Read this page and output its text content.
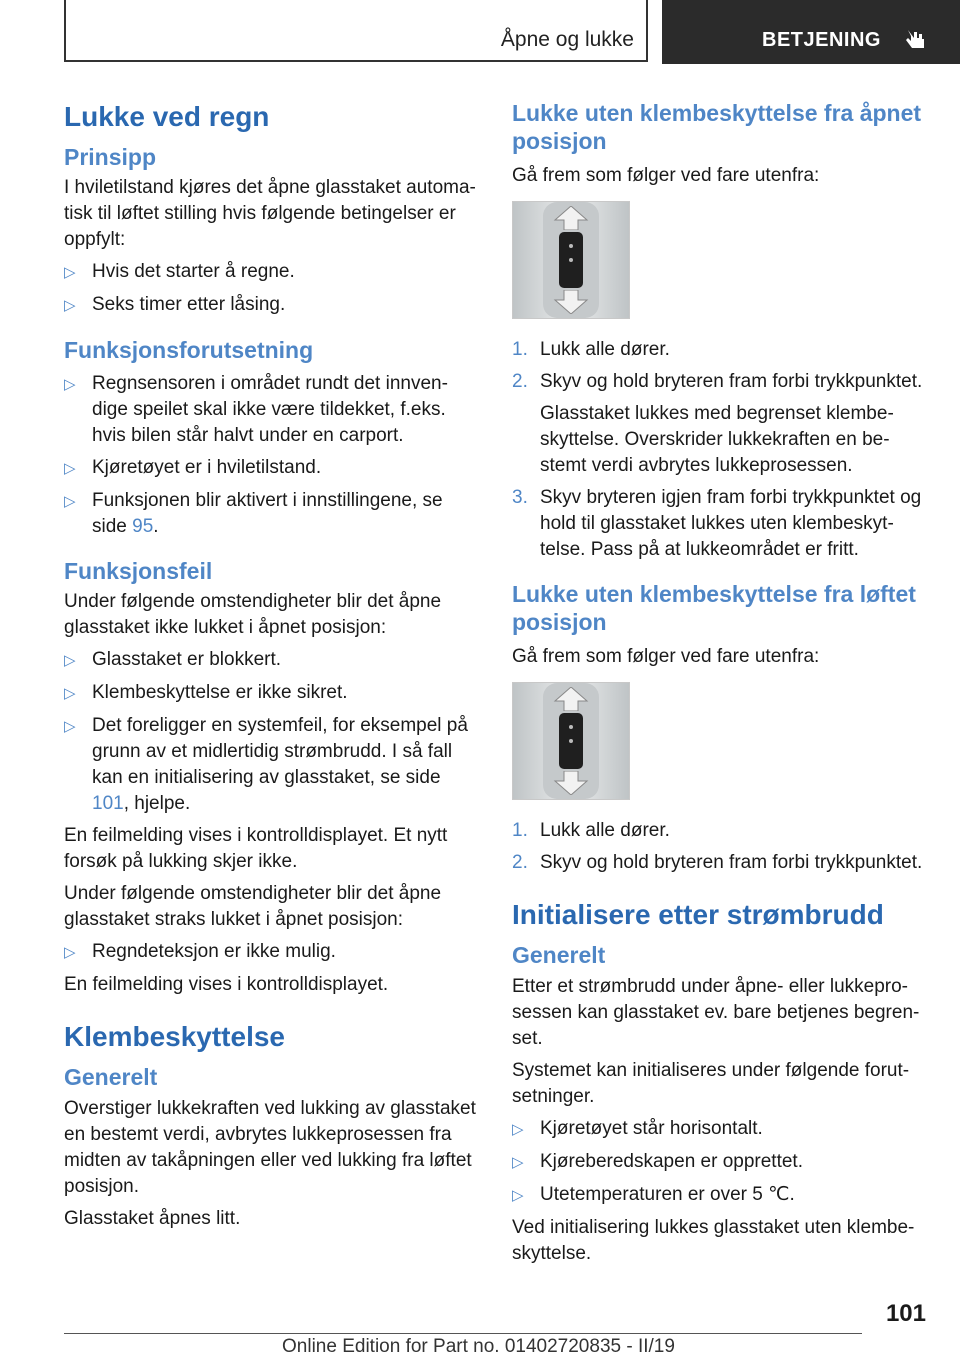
Åpne og lukke	BETJENING
Lukke ved regn
Prinsipp

I hviletilstand kjøres det åpne glasstaket automa- tisk til løftet stilling hvis følgende betingelser er oppfylt:

▷ Hvis det starter å regne.
▷ Seks timer etter låsing.
Funksjonsforutsetning
▷ Regnsensoren i området rundt det innven- dige speilet skal ikke være tildekket, f.eks. hvis bilen står halvt under en carport.
▷ Kjøretøyet er i hviletilstand.
▷ Funksjonen blir aktivert i innstillingene, se side 95.
Funksjonsfeil

Under følgende omstendigheter blir det åpne glasstaket ikke lukket i åpnet posisjon:

▷ Glasstaket er blokkert.
▷ Klembeskyttelse er ikke sikret.
▷ Det foreligger en systemfeil, for eksempel på grunn av et midlertidig strømbrudd. I så fall kan en initialisering av glasstaket, se side 101, hjelpe.

En feilmelding vises i kontrolldisplayet. Et nytt forsøk på lukking skjer ikke.

Under følgende omstendigheter blir det åpne glasstaket straks lukket i åpnet posisjon:

▷ Regndeteksjon er ikke mulig.

En feilmelding vises i kontrolldisplayet.

Klembeskyttelse
Generelt

Overstiger lukkekraften ved lukking av glasstaket en bestemt verdi, avbrytes lukkeprosessen fra midten av takåpningen eller ved lukking fra løftet posisjon.

Glasstaket åpnes litt.

Lukke uten klembeskyttelse fra åpnet posisjon

Gå frem som følger ved fare utenfra:

1. Lukk alle dører.
2. Skyv og hold bryteren fram forbi trykkpunktet.

Glasstaket lukkes med begrenset klembe- skyttelse. Overskrider lukkekraften en be- stemt verdi avbrytes lukkeprosessen.

3. Skyv bryteren igjen fram forbi trykkpunktet og hold til glasstaket lukkes uten klembeskyt- telse. Pass på at lukkeområdet er fritt.
Lukke uten klembeskyttelse fra løftet posisjon

Gå frem som følger ved fare utenfra:

1. Lukk alle dører.
2. Skyv og hold bryteren fram forbi trykkpunktet.
Initialisere etter strømbrudd
Generelt

Etter et strømbrudd under åpne- eller lukkepro- sessen kan glasstaket ev. bare betjenes begren- set.

Systemet kan initialiseres under følgende forut- setninger.

▷ Kjøretøyet står horisontalt.
▷ Kjøreberedskapen er opprettet.
▷ Utetemperaturen er over 5 ℃.

Ved initialisering lukkes glasstaket uten klembe- skyttelse.

101
Online Edition for Part no. 01402720835 - II/19
